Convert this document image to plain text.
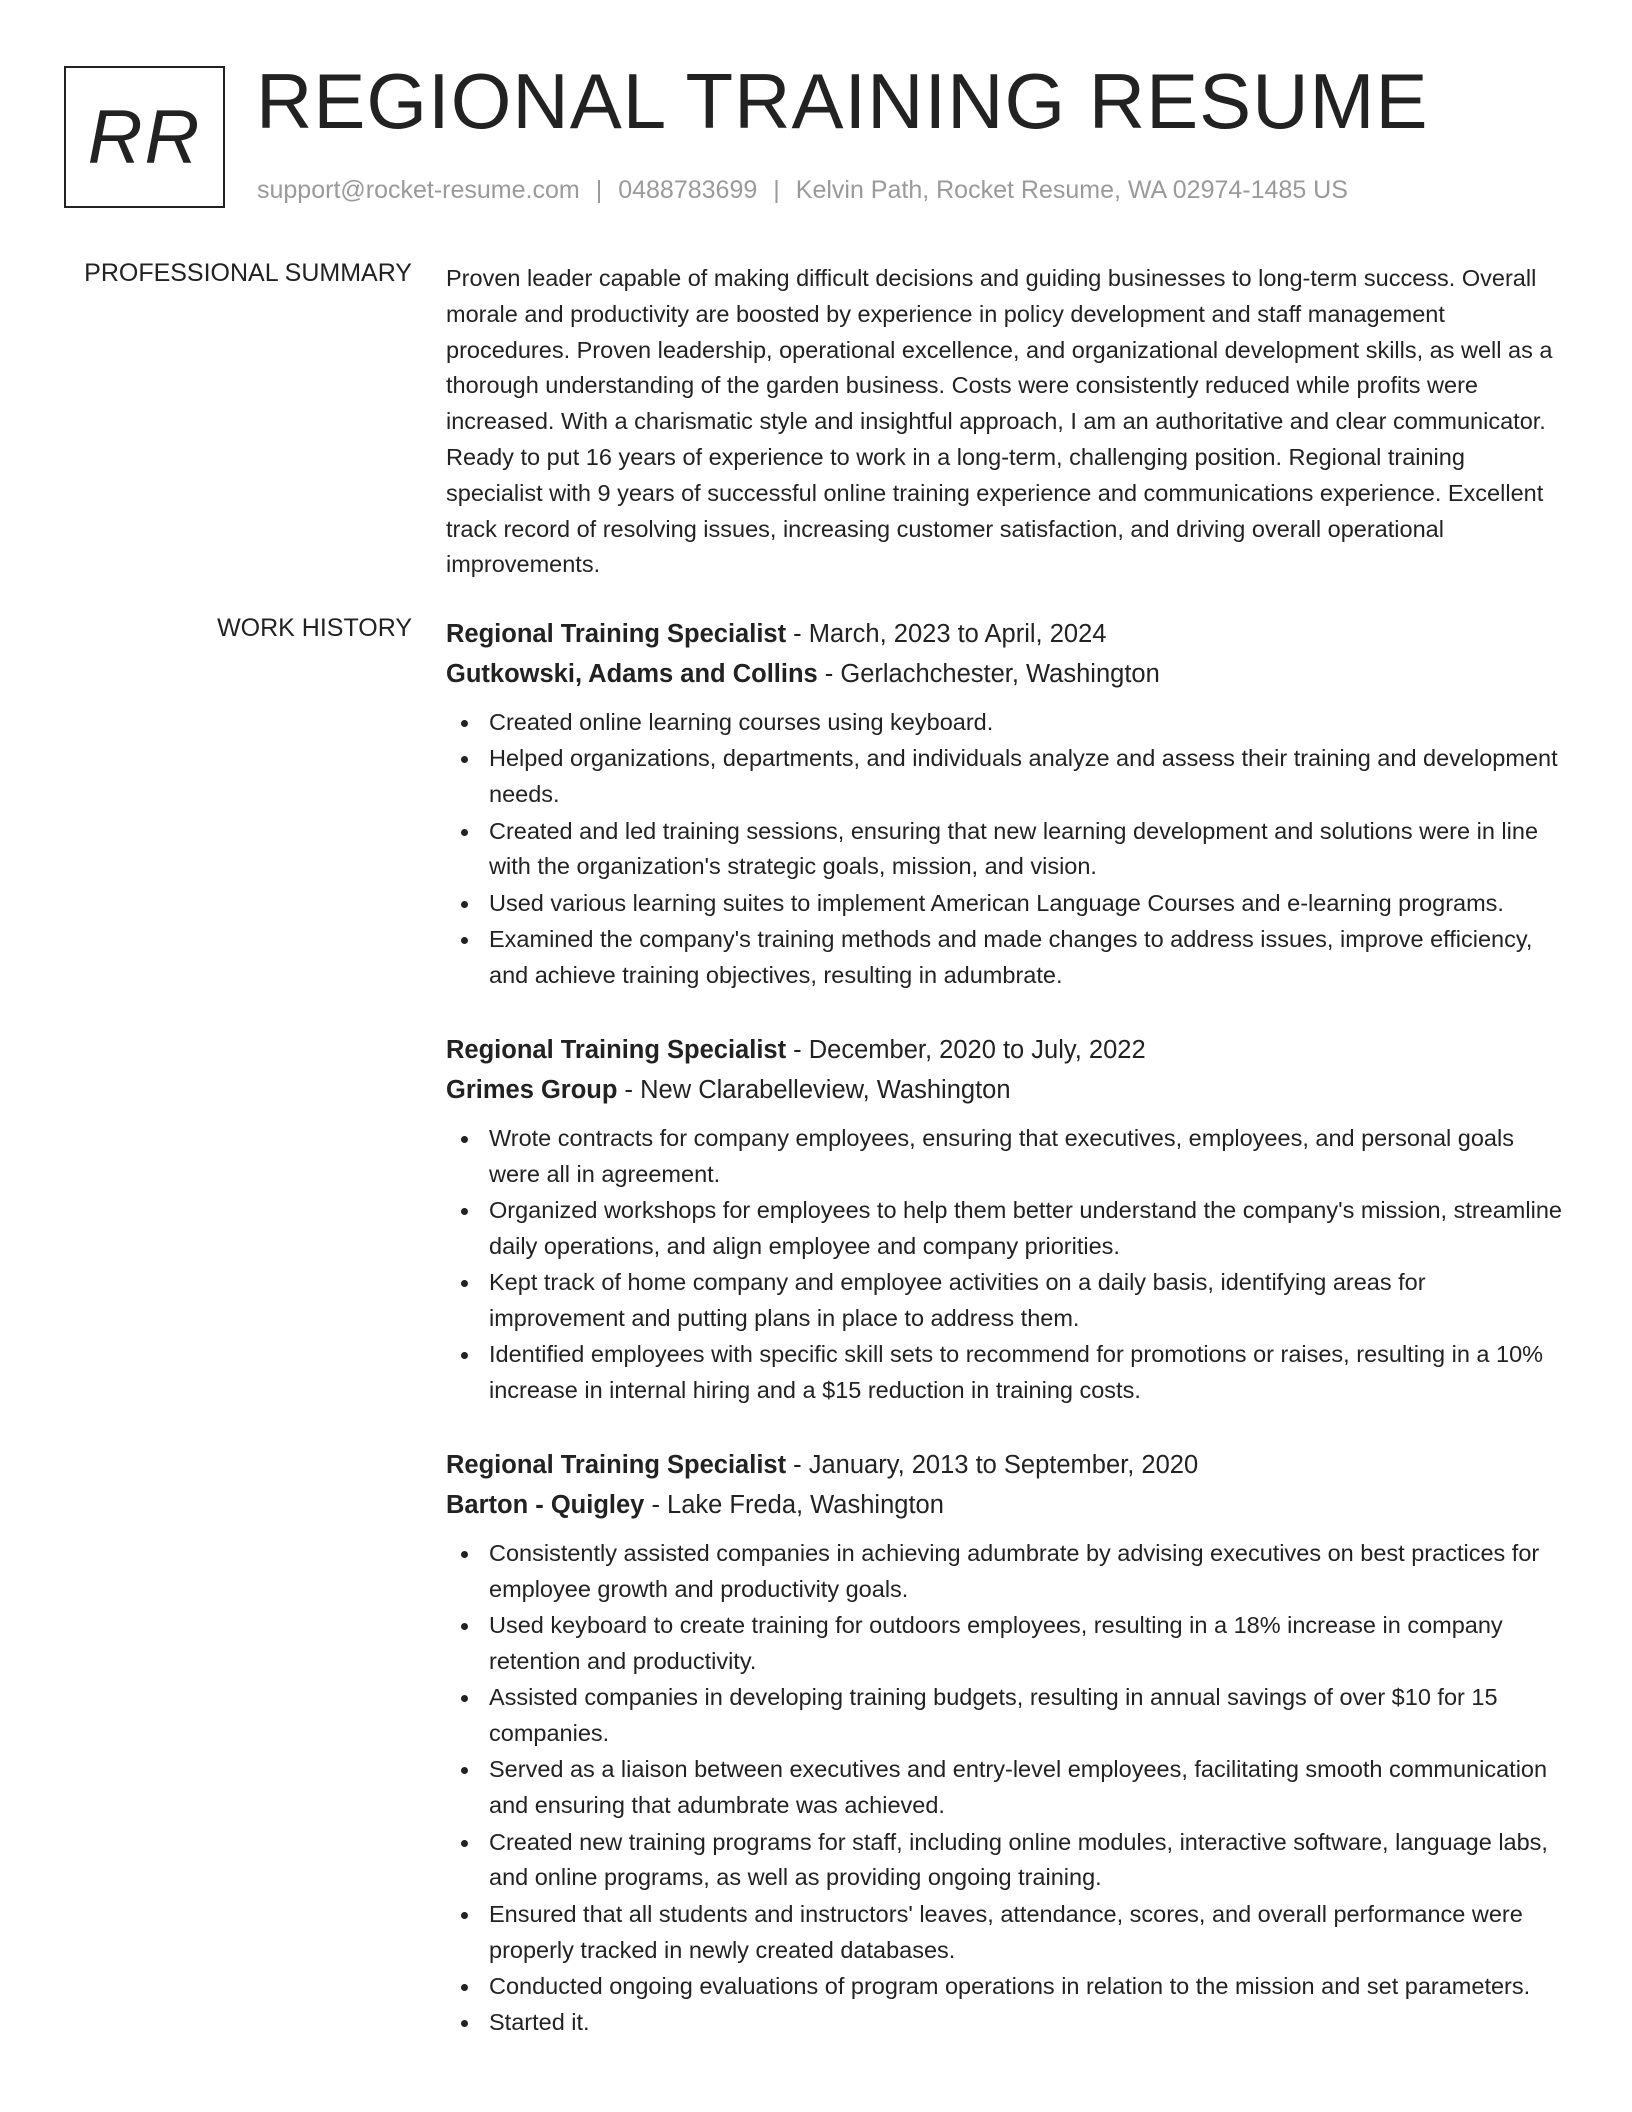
RR REGIONAL TRAINING RESUME
support@rocket-resume.com | 0488783699 | Kelvin Path, Rocket Resume, WA 02974-1485 US
PROFESSIONAL SUMMARY Proven leader capable of making difficult decisions and guiding businesses to long-term success. Overall morale and productivity are boosted by experience in policy development and staff management procedures. Proven leadership, operational excellence, and organizational development skills, as well as a thorough understanding of the garden business. Costs were consistently reduced while profits were increased. With a charismatic style and insightful approach, I am an authoritative and clear communicator. Ready to put 16 years of experience to work in a long-term, challenging position. Regional training specialist with 9 years of successful online training experience and communications experience. Excellent track record of resolving issues, increasing customer satisfaction, and driving overall operational improvements.

WORK HISTORY Regional Training Specialist - March, 2023 to April, 2024
Gutkowski, Adams and Collins - Gerlachchester, Washington
Created online learning courses using keyboard.
Helped organizations, departments, and individuals analyze and assess their training and development needs.
Created and led training sessions, ensuring that new learning development and solutions were in line with the organization's strategic goals, mission, and vision.
Used various learning suites to implement American Language Courses and e-learning programs.
Examined the company's training methods and made changes to address issues, improve efficiency, and achieve training objectives, resulting in adumbrate.
Regional Training Specialist - December, 2020 to July, 2022
Grimes Group - New Clarabelleview, Washington
Wrote contracts for company employees, ensuring that executives, employees, and personal goals were all in agreement.
Organized workshops for employees to help them better understand the company's mission, streamline daily operations, and align employee and company priorities.
Kept track of home company and employee activities on a daily basis, identifying areas for improvement and putting plans in place to address them.
Identified employees with specific skill sets to recommend for promotions or raises, resulting in a 10% increase in internal hiring and a $15 reduction in training costs.
Regional Training Specialist - January, 2013 to September, 2020
Barton - Quigley - Lake Freda, Washington
Consistently assisted companies in achieving adumbrate by advising executives on best practices for employee growth and productivity goals.
Used keyboard to create training for outdoors employees, resulting in a 18% increase in company retention and productivity.
Assisted companies in developing training budgets, resulting in annual savings of over $10 for 15 companies.
Served as a liaison between executives and entry-level employees, facilitating smooth communication and ensuring that adumbrate was achieved.
Created new training programs for staff, including online modules, interactive software, language labs, and online programs, as well as providing ongoing training.
Ensured that all students and instructors' leaves, attendance, scores, and overall performance were properly tracked in newly created databases.
Conducted ongoing evaluations of program operations in relation to the mission and set parameters.
Started it.
